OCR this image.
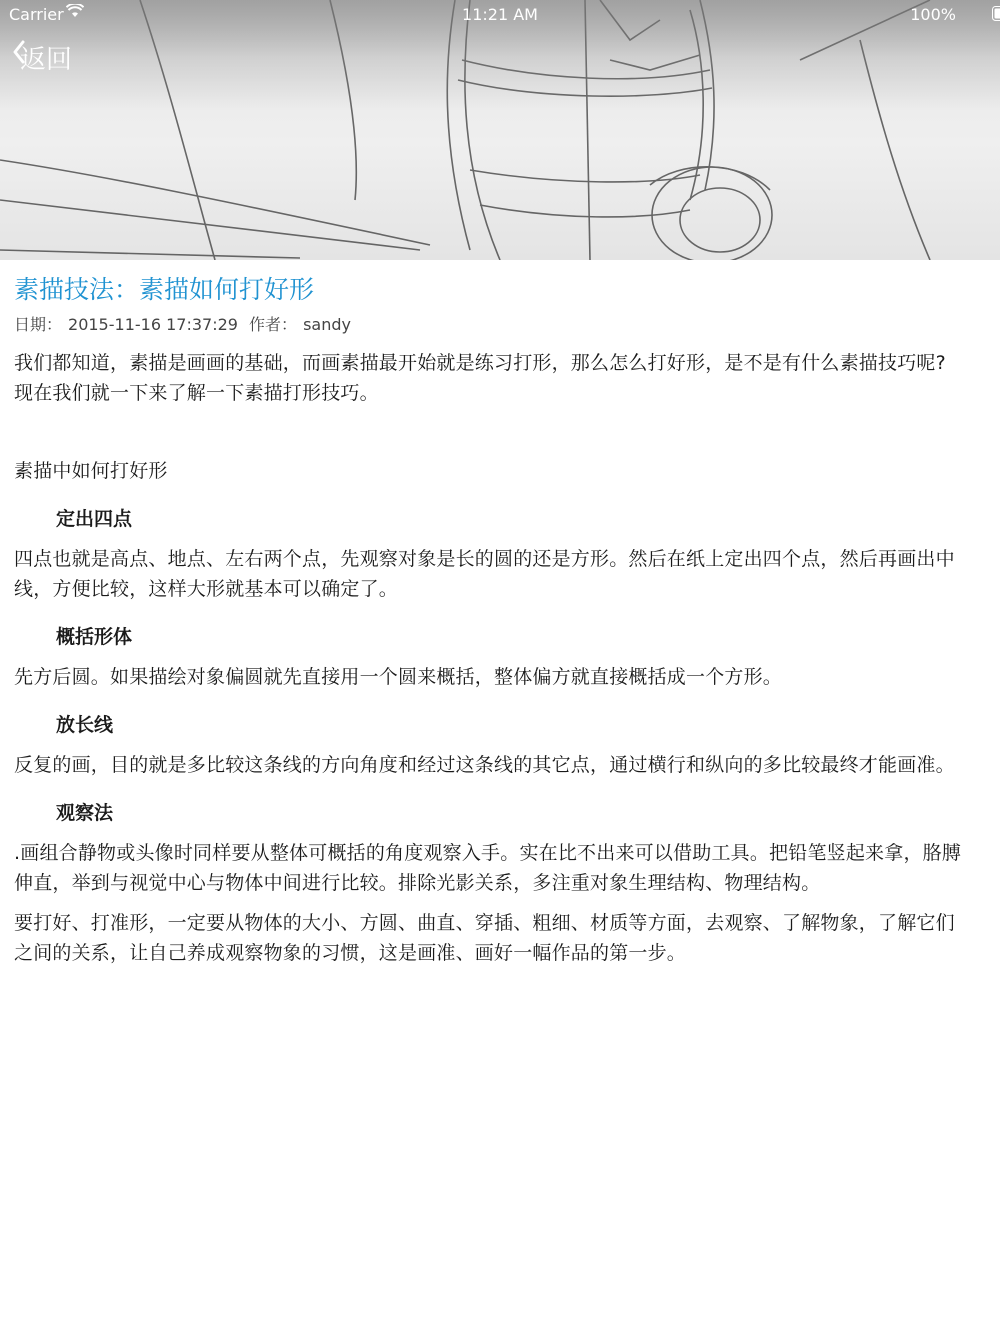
Carrier	11:21 AM	100%
返回
素描技法：素描如何打好形
日期： 2015-11-16 17:37:29 作者： sandy

我们都知道，素描是画画的基础，而画素描最开始就是练习打形，那么怎么打好形，是不是有什么素描技巧呢?现在我们就一下来了解一下素描打形技巧。

素描中如何打好形

定出四点

四点也就是高点、地点、左右两个点，先观察对象是长的圆的还是方形。然后在纸上定出四个点，然后再画出中线，方便比较，这样大形就基本可以确定了。

概括形体

先方后圆。如果描绘对象偏圆就先直接用一个圆来概括，整体偏方就直接概括成一个方形。

放长线

反复的画，目的就是多比较这条线的方向角度和经过这条线的其它点，通过横行和纵向的多比较最终才能画准。

观察法

.画组合静物或头像时同样要从整体可概括的角度观察入手。实在比不出来可以借助工具。把铅笔竖起来拿，胳膊伸直，举到与视觉中心与物体中间进行比较。排除光影关系，多注重对象生理结构、物理结构。

要打好、打准形，一定要从物体的大小、方圆、曲直、穿插、粗细、材质等方面，去观察、了解物象，了解它们之间的关系，让自己养成观察物象的习惯，这是画准、画好一幅作品的第一步。
